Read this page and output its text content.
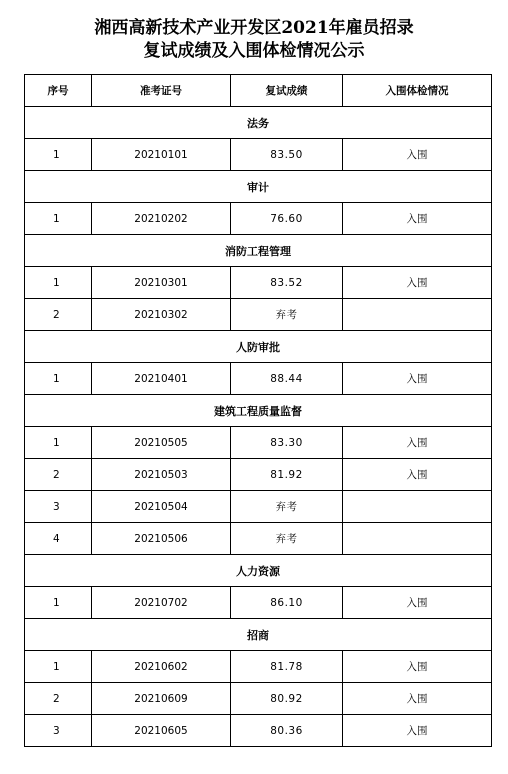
湘西高新技术产业开发区2021年雇员招录
复试成绩及入围体检情况公示
序号	准考证号	复试成绩	入围体检情况
法务			
1	20210101	83.50	入围
审计			
1	20210202	76.60	入围
消防工程管理			
1	20210301	83.52	入围
2	20210302	弃考	
人防审批			
1	20210401	88.44	入围
建筑工程质量监督			
1	20210505	83.30	入围
2	20210503	81.92	入围
3	20210504	弃考	
4	20210506	弃考	
人力资源			
1	20210702	86.10	入围
招商			
1	20210602	81.78	入围
2	20210609	80.92	入围
3	20210605	80.36	入围
